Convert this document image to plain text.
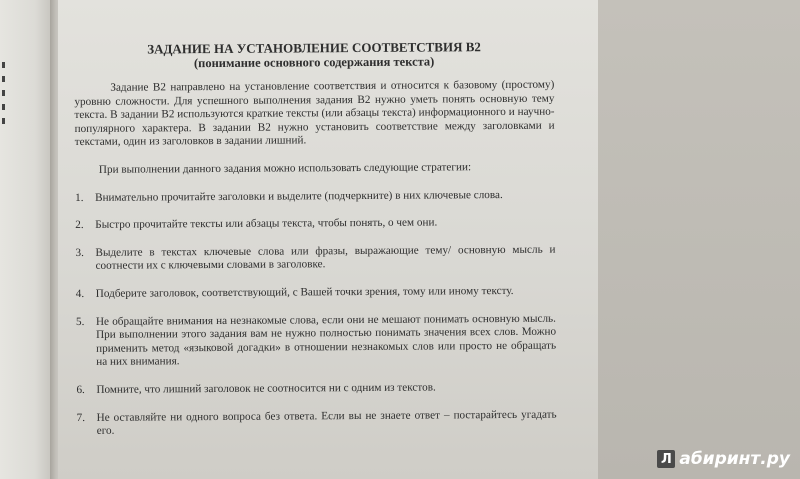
ЗАДАНИЕ НА УСТАНОВЛЕНИЕ СООТВЕТСТВИЯ B2

(понимание основного содержания текста)

Задание B2 направлено на установление соответствия и относится к базовому (простому) уровню сложности. Для успешного выполнения задания B2 нужно уметь понять основную тему текста. В задании B2 используются краткие тексты (или абзацы текста) информационного и научно-популярного характера. В задании B2 нужно установить соответствие между заголовками и текстами, один из заголовков в задании лишний.

При выполнении данного задания можно использовать следующие стратегии:

1. Внимательно прочитайте заголовки и выделите (подчеркните) в них ключевые слова.
2. Быстро прочитайте тексты или абзацы текста, чтобы понять, о чем они.
3. Выделите в текстах ключевые слова или фразы, выражающие тему/ основную мысль и соотнести их с ключевыми словами в заголовке.
4. Подберите заголовок, соответствующий, с Вашей точки зрения, тому или иному тексту.
5. Не обращайте внимания на незнакомые слова, если они не мешают понимать основную мысль. При выполнении этого задания вам не нужно полностью понимать значения всех слов. Можно применить метод «языковой догадки» в отношении незнакомых слов или просто не обращать на них внимания.
6. Помните, что лишний заголовок не соотносится ни с одним из текстов.
7. Не оставляйте ни одного вопроса без ответа. Если вы не знаете ответ – постарайтесь угадать его.
Л абиринт.ру
